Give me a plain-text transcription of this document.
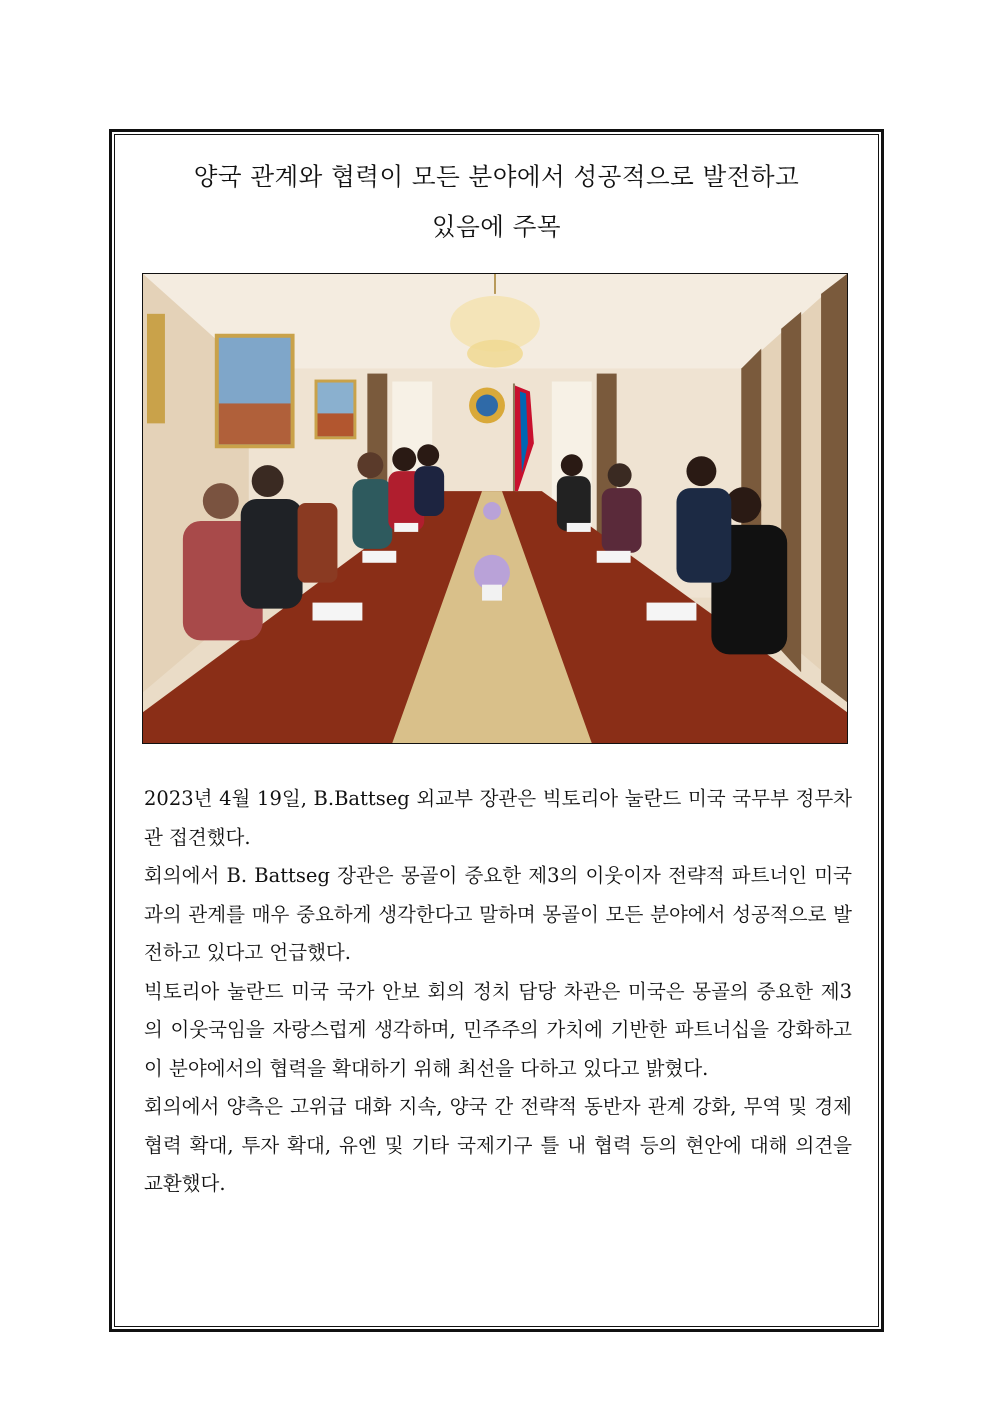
양국 관계와 협력이 모든 분야에서 성공적으로 발전하고
있음에 주목

2023년 4월 19일, B.Battseg 외교부 장관은 빅토리아 눌란드 미국 국무부 정무차관 접견했다.

회의에서 B. Battseg 장관은 몽골이 중요한 제3의 이웃이자 전략적 파트너인 미국과의 관계를 매우 중요하게 생각한다고 말하며 몽골이 모든 분야에서 성공적으로 발전하고 있다고 언급했다.

빅토리아 눌란드 미국 국가 안보 회의 정치 담당 차관은 미국은 몽골의 중요한 제3의 이웃국임을 자랑스럽게 생각하며, 민주주의 가치에 기반한 파트너십을 강화하고 이 분야에서의 협력을 확대하기 위해 최선을 다하고 있다고 밝혔다.

회의에서 양측은 고위급 대화 지속, 양국 간 전략적 동반자 관계 강화, 무역 및 경제 협력 확대, 투자 확대, 유엔 및 기타 국제기구 틀 내 협력 등의 현안에 대해 의견을 교환했다.
